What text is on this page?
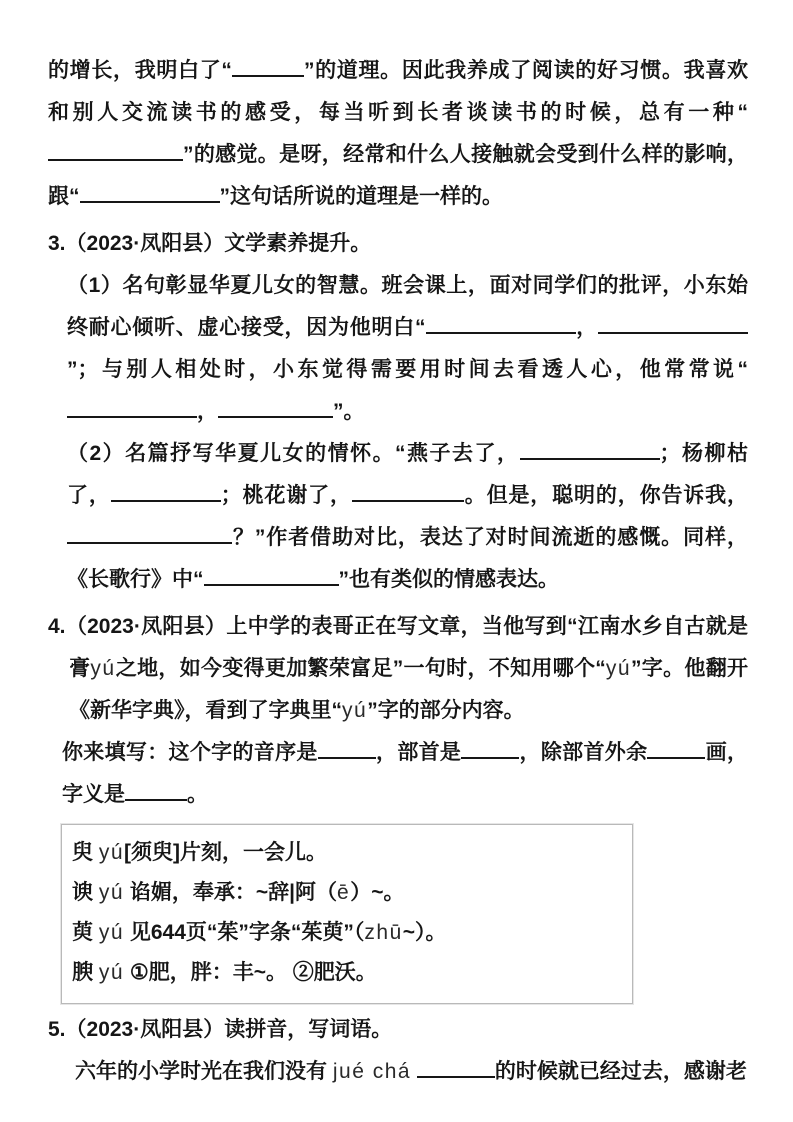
的增长，我明白了“	”的道理。因此我养成了阅读的好习惯。我喜欢和别人交流读书的感受，每当听到长者谈读书的时候，总有一种“”的感觉。是呀，经常和什么人接触就会受到什么样的影响，跟“	”这句话所说的道理是一样的。

3.（2023·凤阳县）文学素养提升。

（1）名句彰显华夏儿女的智慧。班会课上，面对同学们的批评，小东始终耐心倾听、虚心接受，因为他明白“	，”；与别人相处时，小东觉得需要用时间去看透人心，他常常说“，	”。

（2）名篇抒写华夏儿女的情怀。“燕子去了，	；杨柳枯了，	；桃花谢了，	。但是，聪明的，你告诉我，？”作者借助对比，表达了对时间流逝的感慨。同样，《长歌行》中“	”也有类似的情感表达。

4.（2023·凤阳县）上中学的表哥正在写文章，当他写到“江南水乡自古就是膏yú之地，如今变得更加繁荣富足”一句时，不知用哪个“yú”字。他翻开《新华字典》，看到了字典里“yú”字的部分内容。

你来填写：这个字的音序是	，部首是	，除部首外余	画，字义是	。

臾 yú[须臾]片刻，一会儿。

谀 yú 谄媚，奉承：~辞|阿（ē）~。

萸 yú 见644页“茱”字条“茱萸”（zhū~）。

腴 yú ①肥，胖：丰~。 ②肥沃。

5.（2023·凤阳县）读拼音，写词语。

六年的小学时光在我们没有 jué chá	的时候就已经过去，感谢老
